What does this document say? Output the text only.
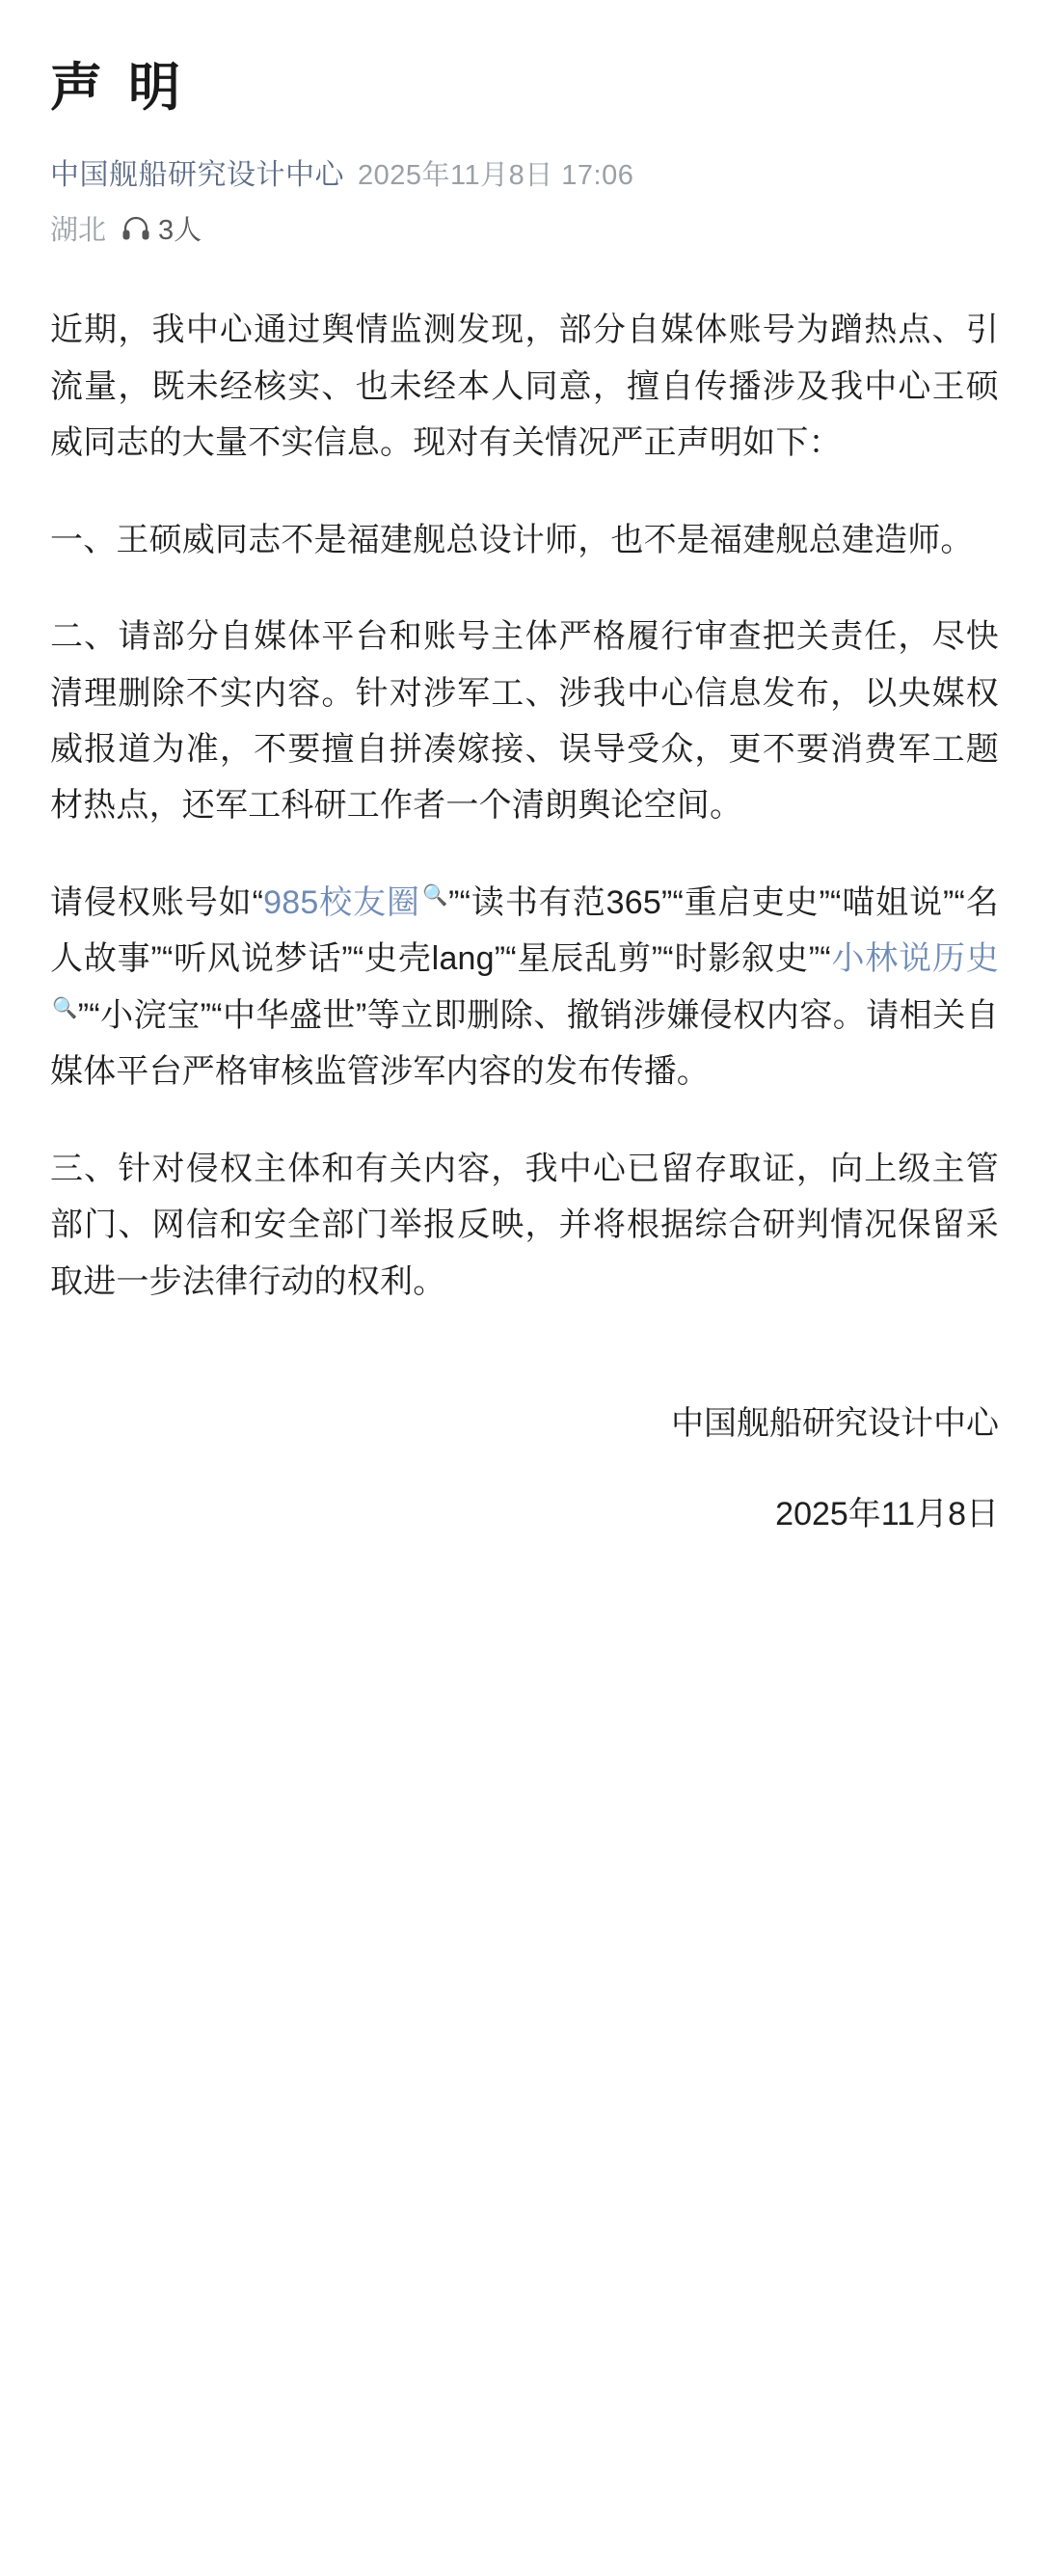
声 明
中国舰船研究设计中心 2025年11月8日 17:06
湖北 3人

近期，我中心通过舆情监测发现，部分自媒体账号为蹭热点、引流量，既未经核实、也未经本人同意，擅自传播涉及我中心王硕威同志的大量不实信息。现对有关情况严正声明如下：

一、王硕威同志不是福建舰总设计师，也不是福建舰总建造师。

二、请部分自媒体平台和账号主体严格履行审查把关责任，尽快清理删除不实内容。针对涉军工、涉我中心信息发布，以央媒权威报道为准，不要擅自拼凑嫁接、误导受众，更不要消费军工题材热点，还军工科研工作者一个清朗舆论空间。

请侵权账号如“985校友圈🔍”“读书有范365”“重启吏史”“喵姐说”“名人故事”“听风说梦话”“史壳lang”“星辰乱剪”“时影叙史”“小林说历史🔍”“小浣宝”“中华盛世”等立即删除、撤销涉嫌侵权内容。请相关自媒体平台严格审核监管涉军内容的发布传播。

三、针对侵权主体和有关内容，我中心已留存取证，向上级主管部门、网信和安全部门举报反映，并将根据综合研判情况保留采取进一步法律行动的权利。

中国舰船研究设计中心
2025年11月8日
